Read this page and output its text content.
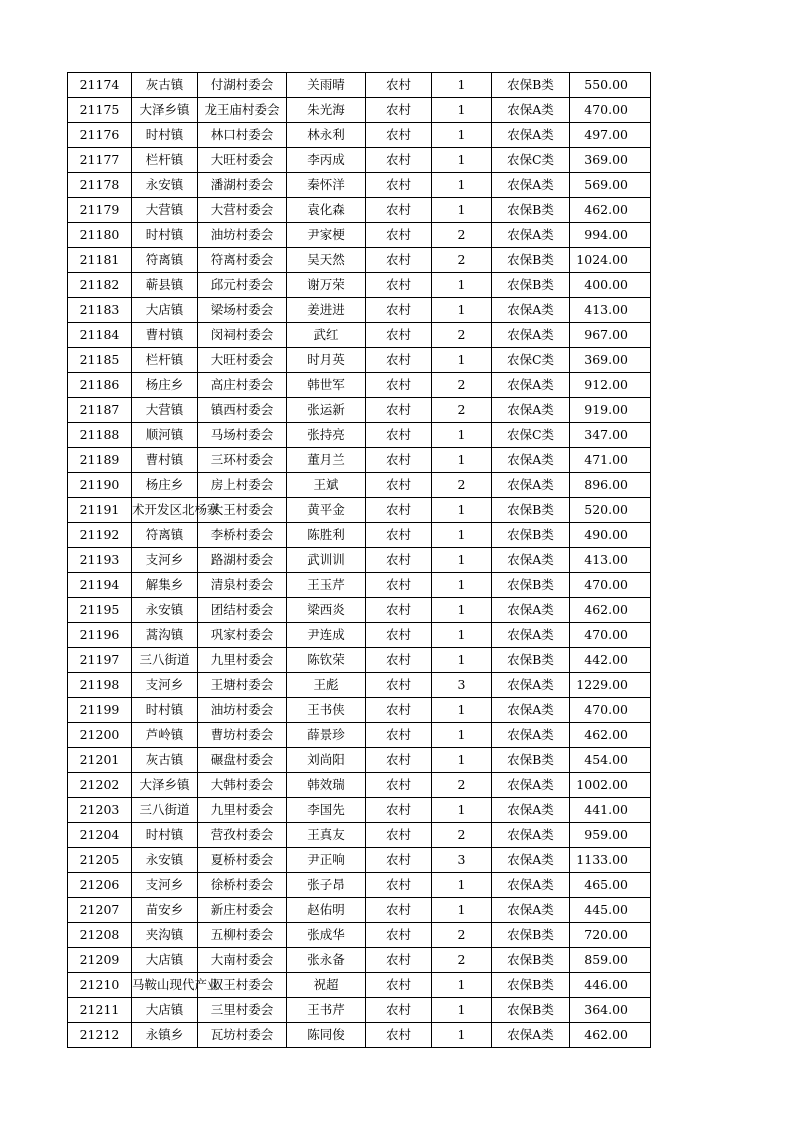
21174	灰古镇	付湖村委会	关雨晴	农村	1	农保B类	550.00
21175	大泽乡镇	龙王庙村委会	朱光海	农村	1	农保A类	470.00
21176	时村镇	林口村委会	林永利	农村	1	农保A类	497.00
21177	栏杆镇	大旺村委会	李丙成	农村	1	农保C类	369.00
21178	永安镇	潘湖村委会	秦怀洋	农村	1	农保A类	569.00
21179	大营镇	大营村委会	袁化森	农村	1	农保B类	462.00
21180	时村镇	油坊村委会	尹家梗	农村	2	农保A类	994.00
21181	符离镇	符离村委会	吴天然	农村	2	农保B类	1024.00
21182	蕲县镇	邱元村委会	谢万荣	农村	1	农保B类	400.00
21183	大店镇	梁场村委会	姜进进	农村	1	农保A类	413.00
21184	曹村镇	闵祠村委会	武红	农村	2	农保A类	967.00
21185	栏杆镇	大旺村委会	时月英	农村	1	农保C类	369.00
21186	杨庄乡	高庄村委会	韩世军	农村	2	农保A类	912.00
21187	大营镇	镇西村委会	张运新	农村	2	农保A类	919.00
21188	顺河镇	马场村委会	张持亮	农村	1	农保C类	347.00
21189	曹村镇	三环村委会	董月兰	农村	1	农保A类	471.00
21190	杨庄乡	房上村委会	王斌	农村	2	农保A类	896.00
21191	术开发区北杨寨	大王村委会	黄平金	农村	1	农保B类	520.00
21192	符离镇	李桥村委会	陈胜利	农村	1	农保B类	490.00
21193	支河乡	路湖村委会	武训训	农村	1	农保A类	413.00
21194	解集乡	清泉村委会	王玉芹	农村	1	农保B类	470.00
21195	永安镇	团结村委会	梁西炎	农村	1	农保A类	462.00
21196	蒿沟镇	巩家村委会	尹连成	农村	1	农保A类	470.00
21197	三八街道	九里村委会	陈钦荣	农村	1	农保B类	442.00
21198	支河乡	王塘村委会	王彪	农村	3	农保A类	1229.00
21199	时村镇	油坊村委会	王书侠	农村	1	农保A类	470.00
21200	芦岭镇	曹坊村委会	薛景珍	农村	1	农保A类	462.00
21201	灰古镇	碾盘村委会	刘尚阳	农村	1	农保B类	454.00
21202	大泽乡镇	大韩村委会	韩效瑞	农村	2	农保A类	1002.00
21203	三八街道	九里村委会	李国先	农村	1	农保A类	441.00
21204	时村镇	营孜村委会	王真友	农村	2	农保A类	959.00
21205	永安镇	夏桥村委会	尹正响	农村	3	农保A类	1133.00
21206	支河乡	徐桥村委会	张子昂	农村	1	农保A类	465.00
21207	苗安乡	新庄村委会	赵佑明	农村	1	农保A类	445.00
21208	夹沟镇	五柳村委会	张成华	农村	2	农保B类	720.00
21209	大店镇	大南村委会	张永备	农村	2	农保B类	859.00
21210	马鞍山现代产业	双王村委会	祝超	农村	1	农保B类	446.00
21211	大店镇	三里村委会	王书芹	农村	1	农保B类	364.00
21212	永镇乡	瓦坊村委会	陈同俊	农村	1	农保A类	462.00
